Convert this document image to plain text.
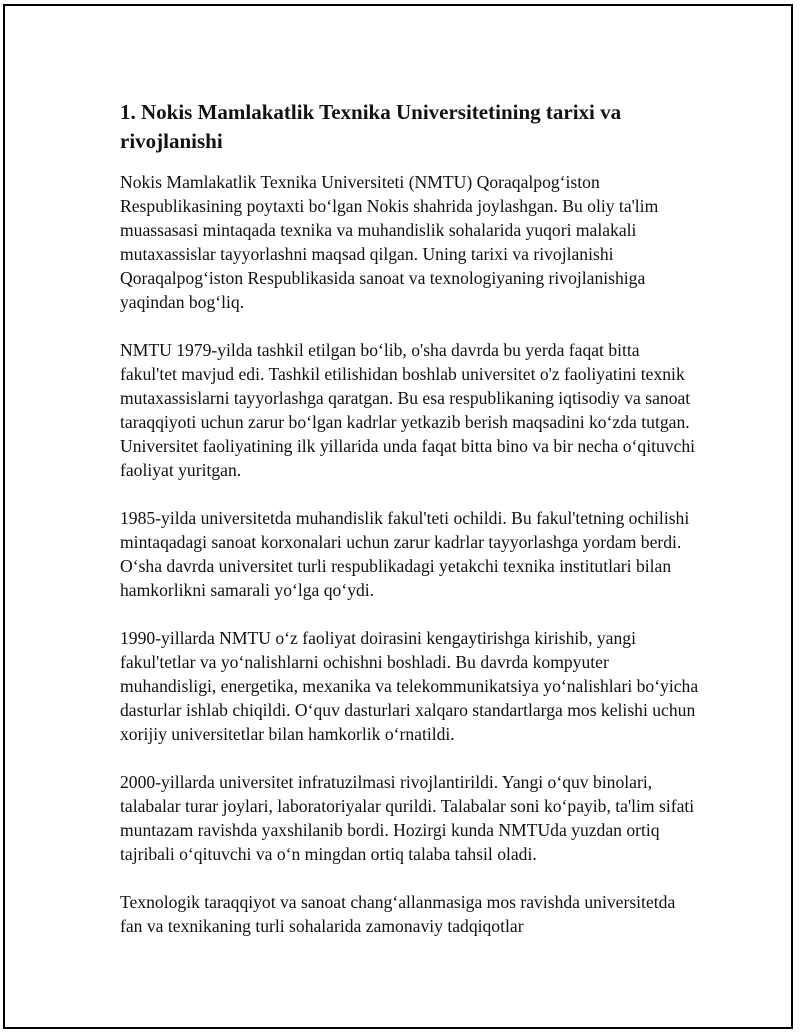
1. Nokis Mamlakatlik Texnika Universitetining tarixi va rivojlanishi

Nokis Mamlakatlik Texnika Universiteti (NMTU) Qoraqalpog‘iston Respublikasining poytaxti bo‘lgan Nokis shahrida joylashgan. Bu oliy ta'lim muassasasi mintaqada texnika va muhandislik sohalarida yuqori malakali mutaxassislar tayyorlashni maqsad qilgan. Uning tarixi va rivojlanishi Qoraqalpog‘iston Respublikasida sanoat va texnologiyaning rivojlanishiga yaqindan bog‘liq.

NMTU 1979-yilda tashkil etilgan bo‘lib, o'sha davrda bu yerda faqat bitta fakul'tet mavjud edi. Tashkil etilishidan boshlab universitet o'z faoliyatini texnik mutaxassislarni tayyorlashga qaratgan. Bu esa respublikaning iqtisodiy va sanoat taraqqiyoti uchun zarur bo‘lgan kadrlar yetkazib berish maqsadini ko‘zda tutgan. Universitet faoliyatining ilk yillarida unda faqat bitta bino va bir necha o‘qituvchi faoliyat yuritgan.

1985-yilda universitetda muhandislik fakul'teti ochildi. Bu fakul'tetning ochilishi mintaqadagi sanoat korxonalari uchun zarur kadrlar tayyorlashga yordam berdi. O‘sha davrda universitet turli respublikadagi yetakchi texnika institutlari bilan hamkorlikni samarali yo‘lga qo‘ydi.

1990-yillarda NMTU o‘z faoliyat doirasini kengaytirishga kirishib, yangi fakul'tetlar va yo‘nalishlarni ochishni boshladi. Bu davrda kompyuter muhandisligi, energetika, mexanika va telekommunikatsiya yo‘nalishlari bo‘yicha dasturlar ishlab chiqildi. O‘quv dasturlari xalqaro standartlarga mos kelishi uchun xorijiy universitetlar bilan hamkorlik o‘rnatildi.

2000-yillarda universitet infratuzilmasi rivojlantirildi. Yangi o‘quv binolari, talabalar turar joylari, laboratoriyalar qurildi. Talabalar soni ko‘payib, ta'lim sifati muntazam ravishda yaxshilanib bordi. Hozirgi kunda NMTUda yuzdan ortiq tajribali o‘qituvchi va o‘n mingdan ortiq talaba tahsil oladi.

Texnologik taraqqiyot va sanoat chang‘allanmasiga mos ravishda universitetda fan va texnikaning turli sohalarida zamonaviy tadqiqotlar
